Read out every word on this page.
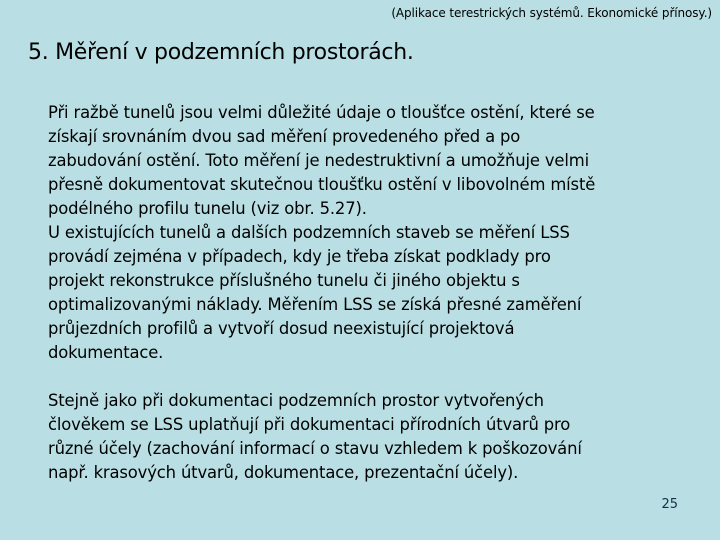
(Aplikace terestrických systémů. Ekonomické přínosy.)
5. Měření v podzemních prostorách.
Při ražbě tunelů jsou velmi důležité údaje o tloušťce ostění, které se
získají srovnáním dvou sad měření provedeného před a po
zabudování ostění. Toto měření je nedestruktivní a umožňuje velmi
přesně dokumentovat skutečnou tloušťku ostění v libovolném místě
podélného profilu tunelu (viz obr. 5.27).
U existujících tunelů a dalších podzemních staveb se měření LSS
provádí zejména v případech, kdy je třeba získat podklady pro
projekt rekonstrukce příslušného tunelu či jiného objektu s
optimalizovanými náklady. Měřením LSS se získá přesné zaměření
průjezdních profilů a vytvoří dosud neexistující projektová
dokumentace.
Stejně jako při dokumentaci podzemních prostor vytvořených
člověkem se LSS uplatňují při dokumentaci přírodních útvarů pro
různé účely (zachování informací o stavu vzhledem k poškozování
např. krasových útvarů, dokumentace, prezentační účely).
25
